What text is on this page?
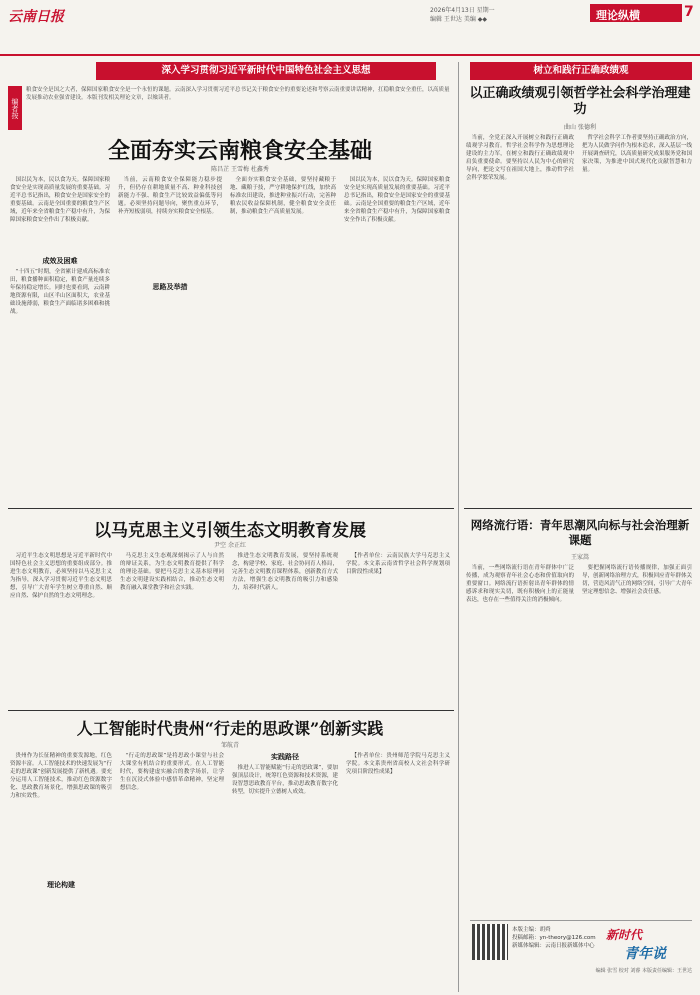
云南日报	2026年4月13日 星期一
编辑 王世达 美编 ◆◆	理论纵横	7
深入学习贯彻习近平新时代中国特色社会主义思想	树立和践行正确政绩观
编者按
粮食安全是国之大者，保障国家粮食安全是一个永恒的课题。云南深入学习贯彻习近平总书记关于粮食安全的重要论述和考察云南重要讲话精神，扛稳粮食安全重任，以高质量发展推动农业强省建设。本版刊发相关理论文章，以飨读者。
全面夯实云南粮食安全基础
陈昌芷 王雪梅 杜鑫秀

国以民为本，民以食为天。保障国家粮食安全是实现高质量发展的重要基础。习近平总书记指出，粮食安全是国家安全的重要基础。云南是全国重要的粮食生产区域，近年来全省粮食生产稳中有升，为保障国家粮食安全作出了积极贡献。

成效及困难

“十四五”时期，全省累计建成高标准农田，粮食播种面积稳定，粮食产量连续多年保持稳定增长。同时也要看到，云南耕地资源有限，山区半山区面积大，农业基础设施薄弱，粮食生产面临诸多困难和挑战。

当前，云南粮食安全保障能力稳步提升，但仍存在耕地质量不高、种业科技创新能力不强、粮食生产比较效益偏低等问题。必须坚持问题导向，聚焦重点环节，补齐短板弱项，持续夯实粮食安全根基。

思路及举措

全面夯实粮食安全基础，要坚持藏粮于地、藏粮于技，严守耕地保护红线，加快高标准农田建设，推进种业振兴行动，完善种粮农民收益保障机制，健全粮食安全责任制，推动粮食生产高质量发展。

国以民为本，民以食为天。保障国家粮食安全是实现高质量发展的重要基础。习近平总书记指出，粮食安全是国家安全的重要基础。云南是全国重要的粮食生产区域，近年来全省粮食生产稳中有升，为保障国家粮食安全作出了积极贡献。

以正确政绩观引领哲学社会科学治理建功
曲山 张德利

当前，全党正深入开展树立和践行正确政绩观学习教育。哲学社会科学作为思想理论建设的主力军，在树立和践行正确政绩观中肩负重要使命。要坚持以人民为中心的研究导向，把论文写在祖国大地上，推动哲学社会科学繁荣发展。

哲学社会科学工作者要坚持正确政治方向，把为人民做学问作为根本追求，深入基层一线开展调查研究，以高质量研究成果服务党和国家决策，为推进中国式现代化贡献智慧和力量。

以马克思主义引领生态文明教育发展
尹空 余正红

习近平生态文明思想是习近平新时代中国特色社会主义思想的重要组成部分。推进生态文明教育，必须坚持以马克思主义为指导，深入学习贯彻习近平生态文明思想，引导广大青年学生树立尊重自然、顺应自然、保护自然的生态文明理念。

马克思主义生态观深刻揭示了人与自然的辩证关系，为生态文明教育提供了科学的理论基础。要把马克思主义基本原理同生态文明建设实践相结合，推动生态文明教育融入课堂教学和社会实践。

推进生态文明教育发展，要坚持系统观念，构建学校、家庭、社会协同育人格局，完善生态文明教育课程体系，创新教育方式方法，增强生态文明教育的吸引力和感染力，培养时代新人。

【作者单位：云南民族大学马克思主义学院。本文系云南省哲学社会科学规划项目阶段性成果】

网络流行语：青年思潮风向标与社会治理新课题
王家嵩

当前，一些网络流行语在青年群体中广泛传播，成为观察青年社会心态和价值取向的重要窗口。网络流行语折射出青年群体的情感诉求和现实关切，既有积极向上的正能量表达，也存在一些值得关注的消极倾向。

要把握网络流行语传播规律，加强正面引导，创新网络治理方式，积极回应青年群体关切，营造风清气正的网络空间，引导广大青年坚定理想信念、增强社会责任感。

人工智能时代贵州“行走的思政课”创新实践
邹航青

贵州作为长征精神的重要发源地，红色资源丰富。人工智能技术的快速发展为“行走的思政课”创新发展提供了新机遇。要充分运用人工智能技术，推动红色资源数字化、思政教育场景化，增强思政课的吸引力和实效性。

理论构建

“行走的思政课”是将思政小课堂与社会大课堂有机结合的重要形式。在人工智能时代，要构建虚实融合的教学场景，让学生在沉浸式体验中感悟革命精神，坚定理想信念。

实践路径

推进人工智能赋能“行走的思政课”，要加强顶层设计，统筹红色资源和技术资源，建设智慧思政教育平台，推动思政教育数字化转型，切实提升立德树人成效。

【作者单位：贵州师范学院马克思主义学院。本文系贵州省高校人文社会科学研究项目阶段性成果】

本版主编：胡舜
投稿邮箱：yn-theory@126.com
新媒体编辑：云南日报新媒体中心
新时代
青年说
编辑 张雪 校对 刘睿 本版责任编辑：王世达
